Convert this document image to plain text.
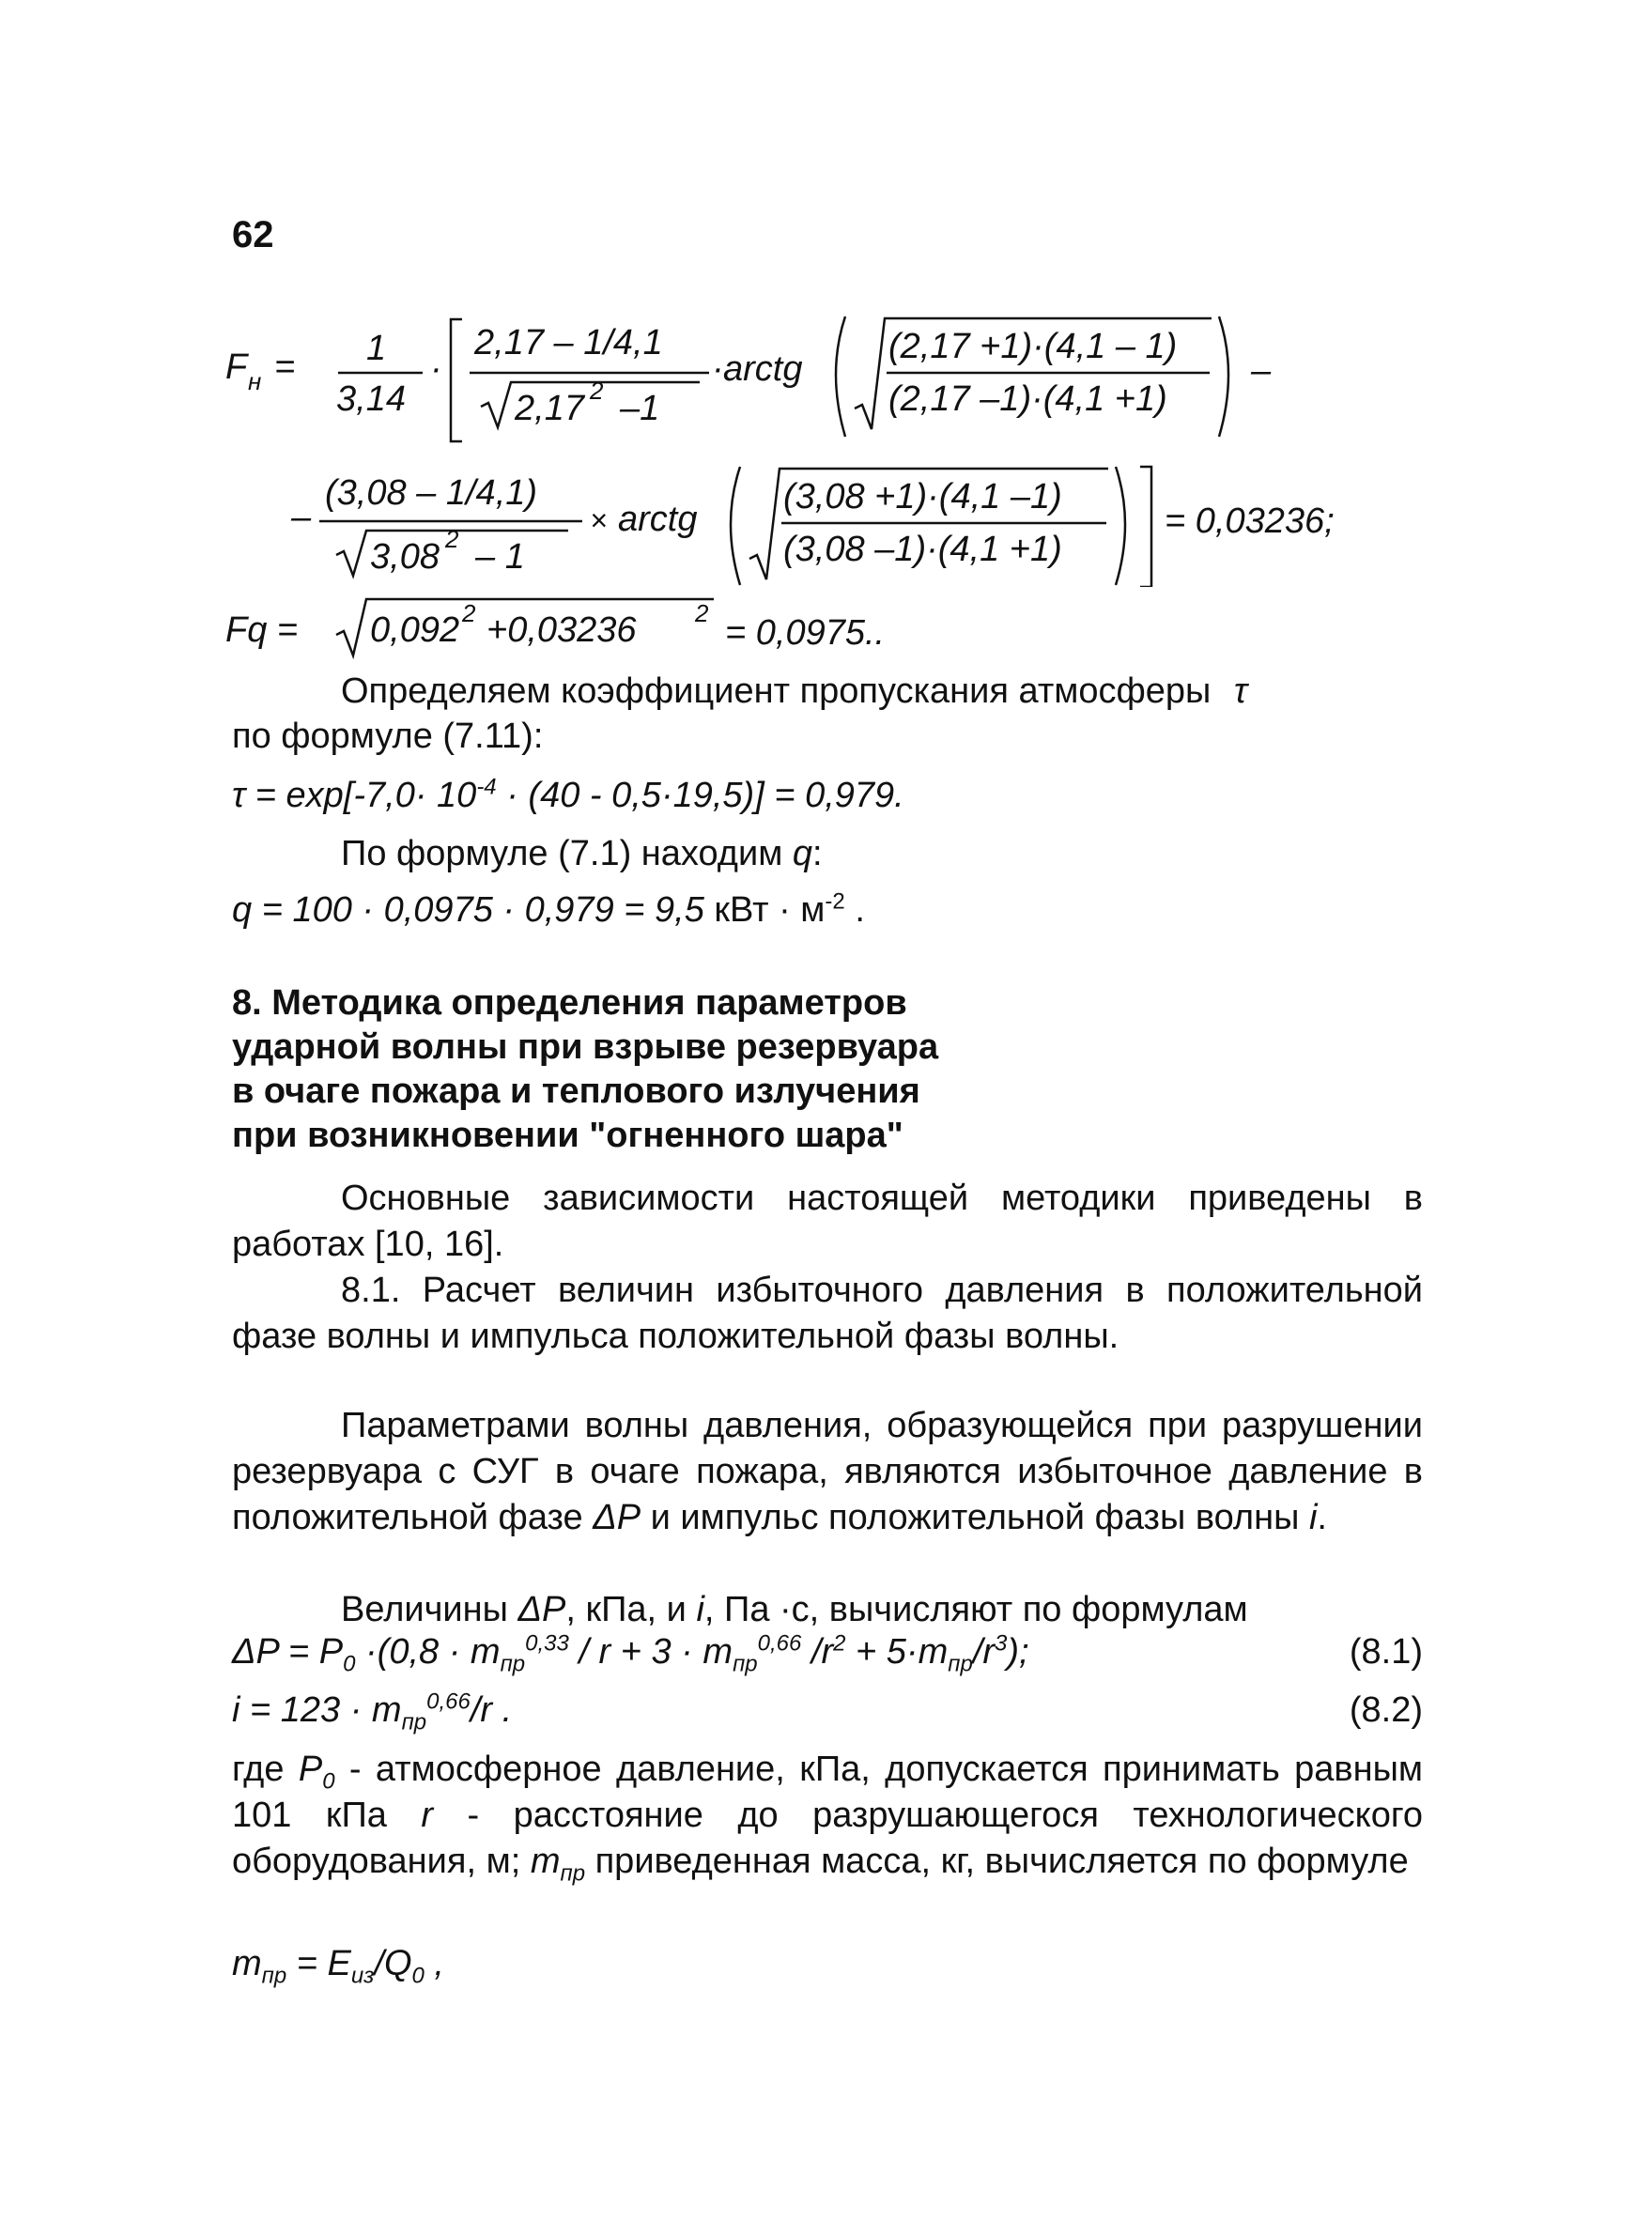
62
F н = 1
3,14
·
2,17 – 1/4,1
2,17 2 –1
· arctg
(2,17 +1)·(4,1 – 1)
(2,17 –1)·(4,1 +1)
–
–
(3,08 – 1/4,1)
3,08 2 – 1
× arctg
(3,08 +1)·(4,1 –1)
(3,08 –1)·(4,1 +1)
= 0,03236;
Fq = 0,092 2 +0,03236 2 = 0,0975..
Определяем коэффициент пропускания атмосферы τ
по формуле (7.11):
$\tau = \exp[-7,0\cdot 10^{-4} \cdot (40 - 0,5\cdot 19,5)] = 0,979$.
По формуле (7.1) находим q:
q = 100 · 0,0975 · 0,979 = 9,5 кВт · $м^{-2}$ .
8. Методика определения параметров
ударной волны при взрыве резервуара
в очаге пожара и теплового излучения
при возникновении "огненного шара"
Основные зависимости настоящей методики приведены в работах [10, 16].
8.1. Расчет величин избыточного давления в положительной фазе волны и импульса положительной фазы волны.
Параметрами волны давления, образующейся при разрушении резервуара с СУГ в очаге пожара, являются избыточное давление в положительной фазе ΔP и импульс положительной фазы волны i.
Величины ΔP, кПа, и i, Па ·с, вычисляют по формулам
$\Delta P = P_0 \cdot(0,8 \cdot m_{пр}^{0,33} / r + 3 \cdot m_{пр}^{0,66}$ $/r^2 + 5\cdot m_{пр}/r^3$);	(8.1)
$i = 123 \cdot m_{пр}^{0,66}/r$ .	(8.2)
где $P_0$ - атмосферное давление, кПа, допускается принимать равным 101 кПа r - расстояние до разрушающегося технологического оборудования, м; $m_{пр}$ приведенная масса, кг, вычисляется по формуле
$m_{пр} = E_{из}/Q_0$ ,
